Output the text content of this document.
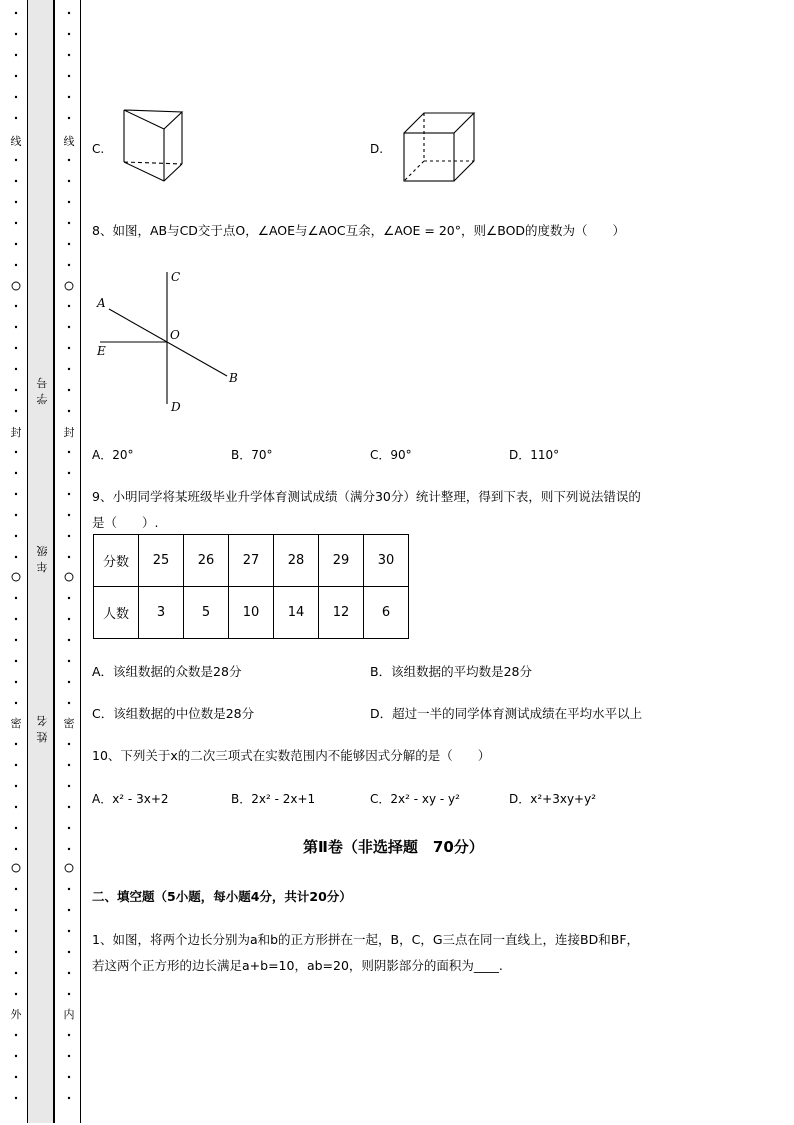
线
封
密
外
线
封
密
内
学号
年级
姓名
C.	D.
8、如图，AB与CD交于点O，∠AOE与∠AOC互余，∠AOE = 20°，则∠BOD的度数为（　　）
C
A
O
E
B
D
A．20°	B．70°	C．90°	D．110°
9、小明同学将某班级毕业升学体育测试成绩（满分30分）统计整理，得到下表，则下列说法错误的
是（　　）.
分数	25	26	27	28	29	30
人数	3	5	10	14	12	6
A．该组数据的众数是28分	B．该组数据的平均数是28分
C．该组数据的中位数是28分	D．超过一半的同学体育测试成绩在平均水平以上
10、下列关于x的二次三项式在实数范围内不能够因式分解的是（　　）
A．x² - 3x+2	B．2x² - 2x+1	C．2x² - xy - y²	D．x²+3xy+y²
第Ⅱ卷（非选择题　70分）
二、填空题（5小题，每小题4分，共计20分）
1、如图，将两个边长分别为a和b的正方形拼在一起，B，C，G三点在同一直线上，连接BD和BF，
若这两个正方形的边长满足a+b=10，ab=20，则阴影部分的面积为____.
